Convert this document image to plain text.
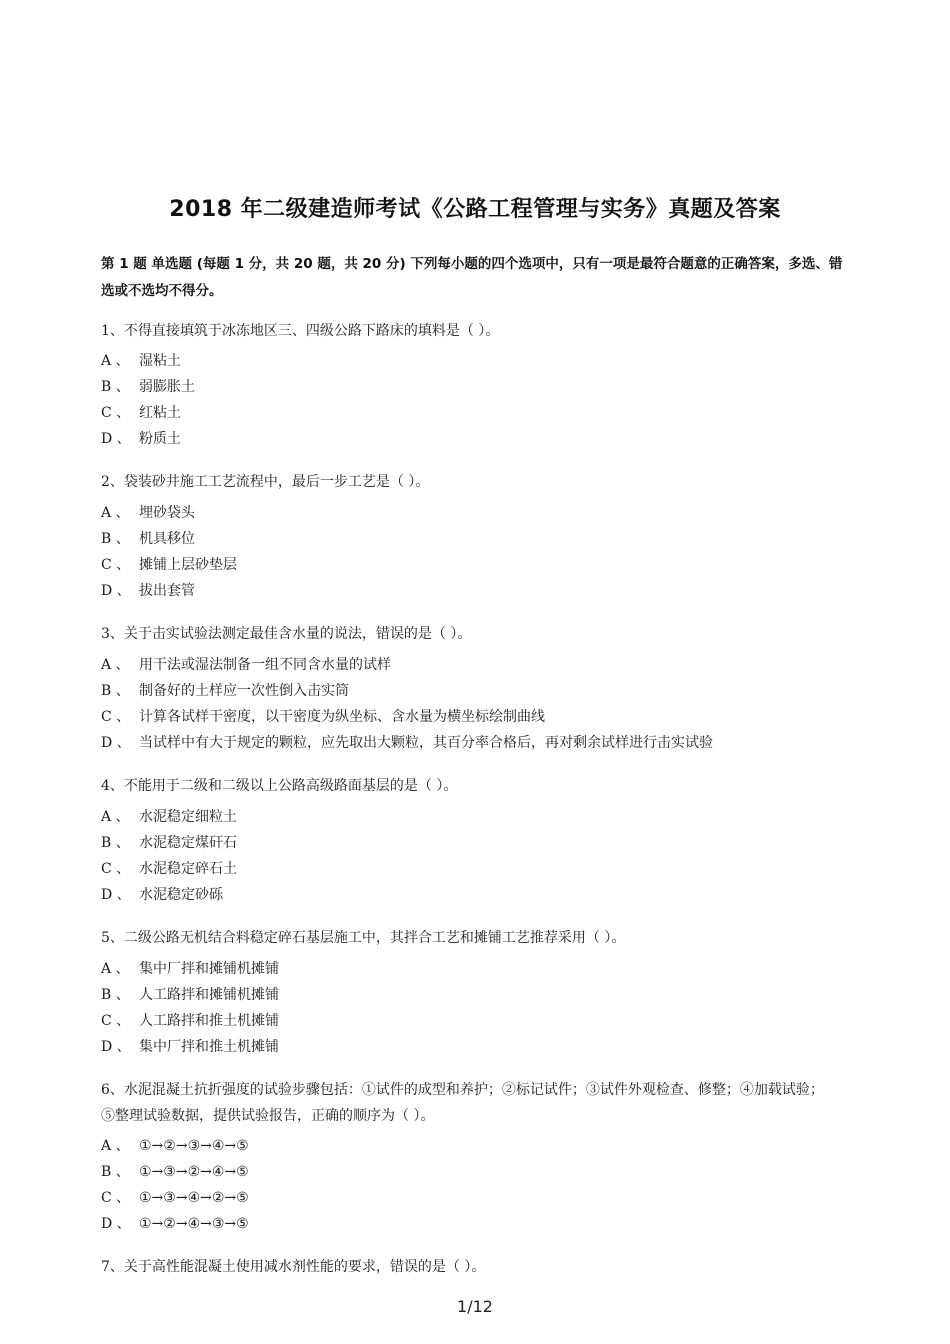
2018 年二级建造师考试《公路工程管理与实务》真题及答案
第 1 题 单选题 (每题 1 分，共 20 题，共 20 分) 下列每小题的四个选项中，只有一项是最符合题意的正确答案，多选、错选或不选均不得分。
1、不得直接填筑于冰冻地区三、四级公路下路床的填料是（ ）。
A 、 湿粘土
B 、 弱膨胀土
C 、 红粘土
D 、 粉质土
2、袋装砂井施工工艺流程中，最后一步工艺是（ ）。
A 、 埋砂袋头
B 、 机具移位
C 、 摊铺上层砂垫层
D 、 拔出套管
3、关于击实试验法测定最佳含水量的说法，错误的是（ ）。
A 、 用干法或湿法制备一组不同含水量的试样
B 、 制备好的土样应一次性倒入击实筒
C 、 计算各试样干密度，以干密度为纵坐标、含水量为横坐标绘制曲线
D 、 当试样中有大于规定的颗粒，应先取出大颗粒，其百分率合格后，再对剩余试样进行击实试验
4、不能用于二级和二级以上公路高级路面基层的是（ ）。
A 、 水泥稳定细粒土
B 、 水泥稳定煤矸石
C 、 水泥稳定碎石土
D 、 水泥稳定砂砾
5、二级公路无机结合料稳定碎石基层施工中，其拌合工艺和摊铺工艺推荐采用（ ）。
A 、 集中厂拌和摊铺机摊铺
B 、 人工路拌和摊铺机摊铺
C 、 人工路拌和推土机摊铺
D 、 集中厂拌和推土机摊铺
6、水泥混凝土抗折强度的试验步骤包括：①试件的成型和养护；②标记试件；③试件外观检查、修整；④加载试验；⑤整理试验数据，提供试验报告，正确的顺序为（ ）。
A 、 ①→②→③→④→⑤
B 、 ①→③→②→④→⑤
C 、 ①→③→④→②→⑤
D 、 ①→②→④→③→⑤
7、关于高性能混凝土使用减水剂性能的要求，错误的是（ ）。
1/12
